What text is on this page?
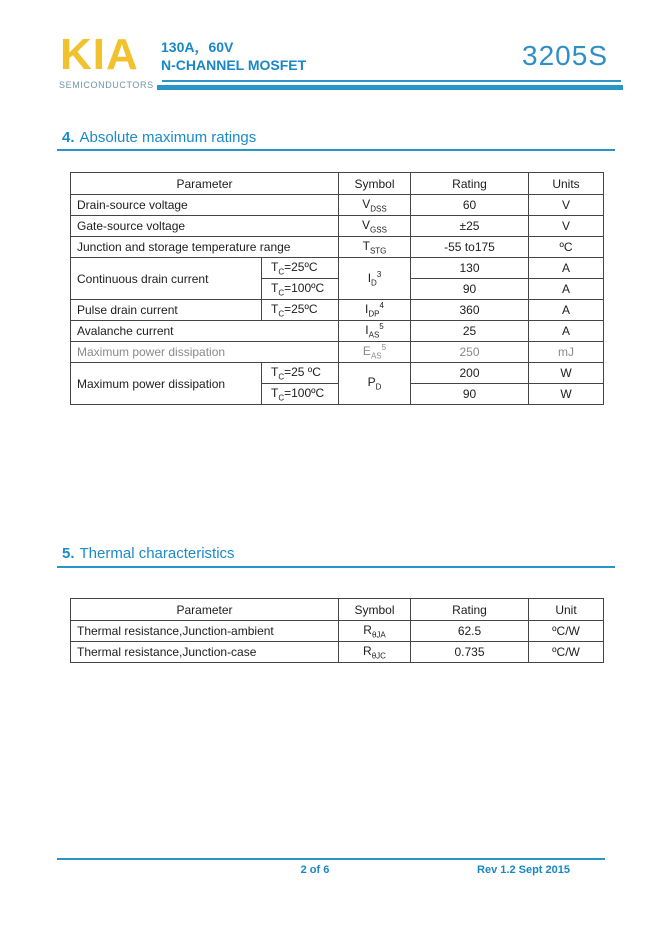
KIA
SEMICONDUCTORS
130A，60V
N-CHANNEL MOSFET	3205S
4. Absolute maximum ratings
Parameter		Symbol	Rating	Units
Drain-source voltage		$V_{DSS}$	60	V
Gate-source voltage		$V_{GSS}$	±25	V
Junction and storage temperature range		$T_{STG}$	-55 to175	ºC
Continuous drain current	$T_C=25ºC$	$I_D^3$	130	A
	$T_C=100ºC$		90	A
Pulse drain current	$T_C=25ºC$	$I_{DP}^4$	360	A
Avalanche current		$I_{AS}^5$	25	A
Maximum power dissipation		$E_{AS}^5$	250	mJ
Maximum power dissipation	$T_C=25$ ºC	$P_D$	200	W
	$T_C=100ºC$		90	W
5. Thermal characteristics
Parameter	Symbol	Rating	Unit
Thermal resistance,Junction-ambient	$R_{\theta JA}$	62.5	ºC/W
Thermal resistance,Junction-case	$R_{\theta JC}$	0.735	ºC/W
2 of 6	Rev 1.2 Sept 2015
